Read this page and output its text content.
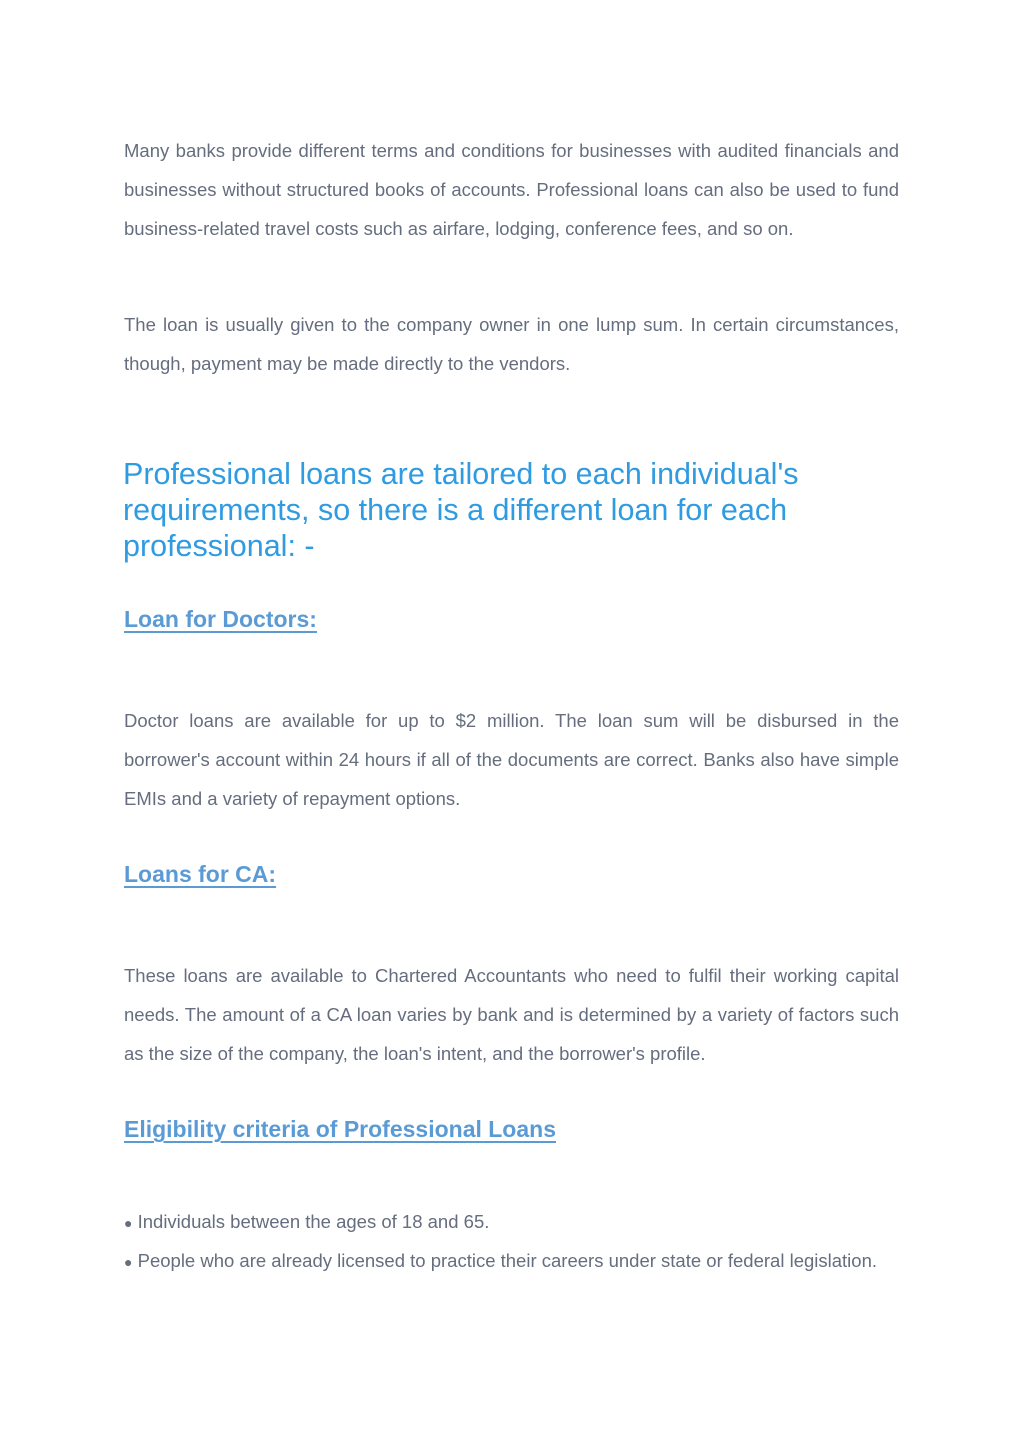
Many banks provide different terms and conditions for businesses with audited financials and businesses without structured books of accounts. Professional loans can also be used to fund business-related travel costs such as airfare, lodging, conference fees, and so on.

The loan is usually given to the company owner in one lump sum. In certain circumstances, though, payment may be made directly to the vendors.

Professional loans are tailored to each individual's requirements, so there is a different loan for each professional: -
Loan for Doctors:

Doctor loans are available for up to $2 million. The loan sum will be disbursed in the borrower's account within 24 hours if all of the documents are correct. Banks also have simple EMIs and a variety of repayment options.

Loans for CA:

These loans are available to Chartered Accountants who need to fulfil their working capital needs. The amount of a CA loan varies by bank and is determined by a variety of factors such as the size of the company, the loan's intent, and the borrower's profile.

Eligibility criteria of Professional Loans
● Individuals between the ages of 18 and 65.
● People who are already licensed to practice their careers under state or federal legislation.
